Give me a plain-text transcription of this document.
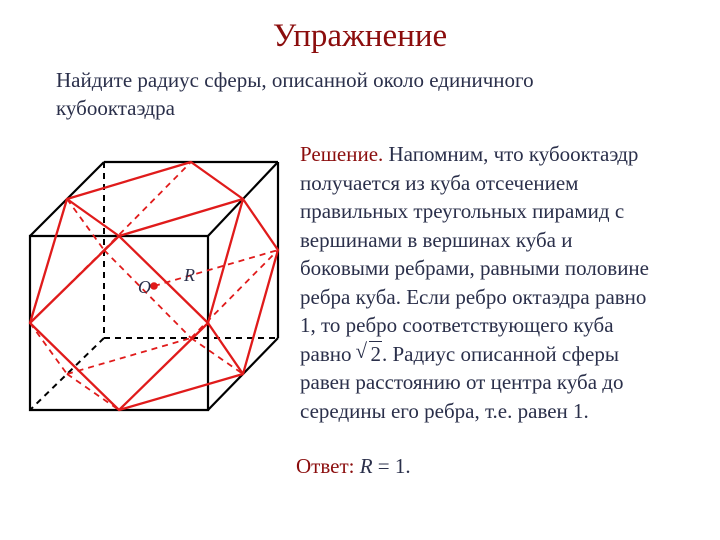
Упражнение
Найдите радиус сферы, описанной около единичного
кубооктаэдра
O
R
Решение. Напомним, что кубооктаэдр
получается из куба отсечением
правильных треугольных пирамид с
вершинами в вершинах куба и
боковыми ребрами, равными половине
ребра куба. Если ребро октаэдра равно
1, то ребро соответствующего куба
равно √ 2. Радиус описанной сферы
равен расстоянию от центра куба до
середины его ребра, т.е. равен 1.
Ответ: R = 1.
